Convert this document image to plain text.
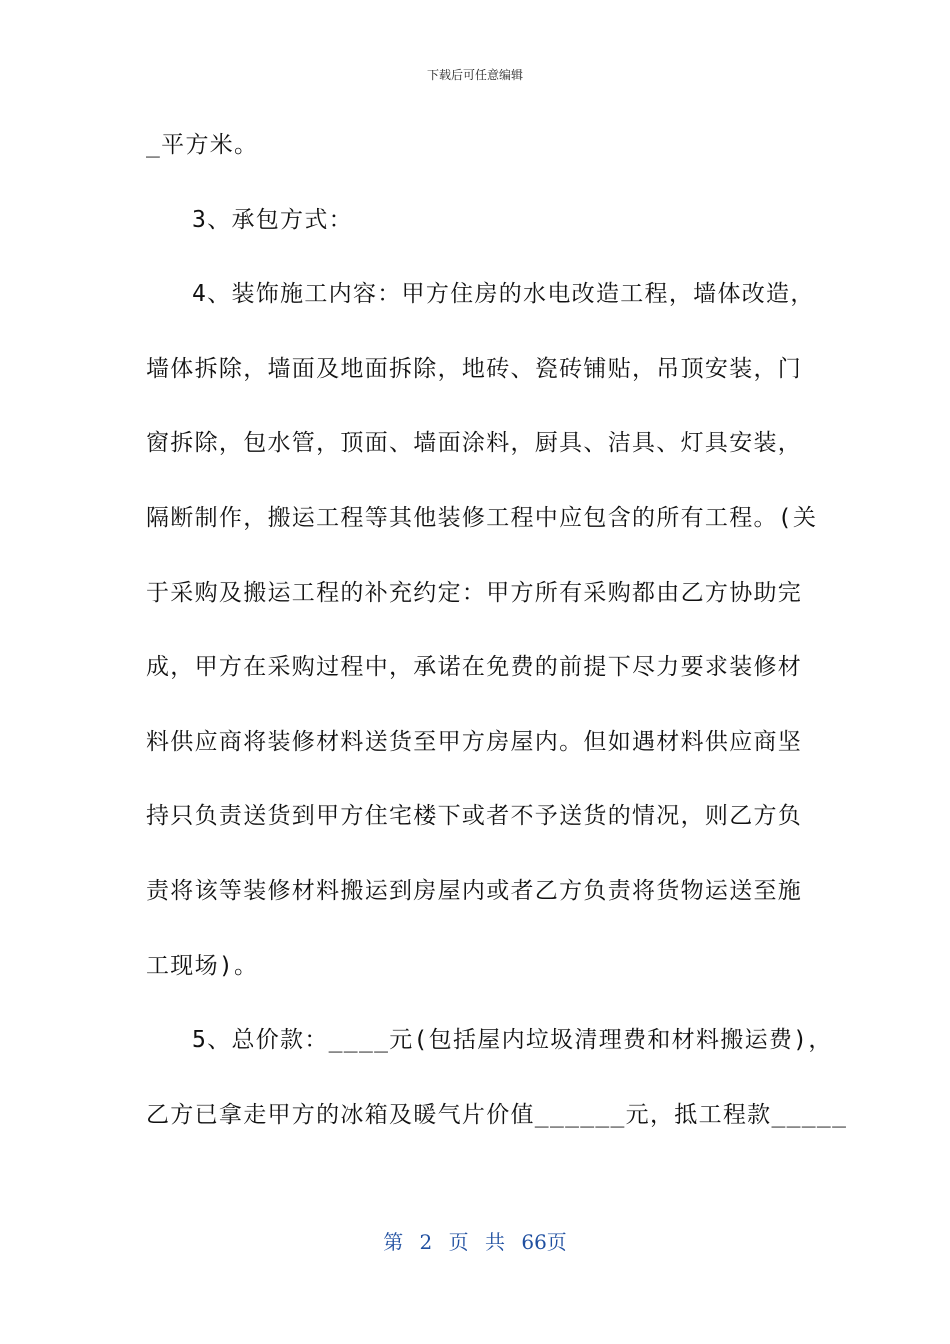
下载后可任意编辑
_平方米。
3、承包方式：
4、装饰施工内容：甲方住房的水电改造工程，墙体改造，
墙体拆除，墙面及地面拆除，地砖、瓷砖铺贴，吊顶安装，门
窗拆除，包水管，顶面、墙面涂料，厨具、洁具、灯具安装，
隔断制作，搬运工程等其他装修工程中应包含的所有工程。(关
于采购及搬运工程的补充约定：甲方所有采购都由乙方协助完
成，甲方在采购过程中，承诺在免费的前提下尽力要求装修材
料供应商将装修材料送货至甲方房屋内。但如遇材料供应商坚
持只负责送货到甲方住宅楼下或者不予送货的情况，则乙方负
责将该等装修材料搬运到房屋内或者乙方负责将货物运送至施
工现场)。
5、总价款：____元(包括屋内垃圾清理费和材料搬运费)，
乙方已拿走甲方的冰箱及暖气片价值______元，抵工程款_____
第 2 页 共 66页
